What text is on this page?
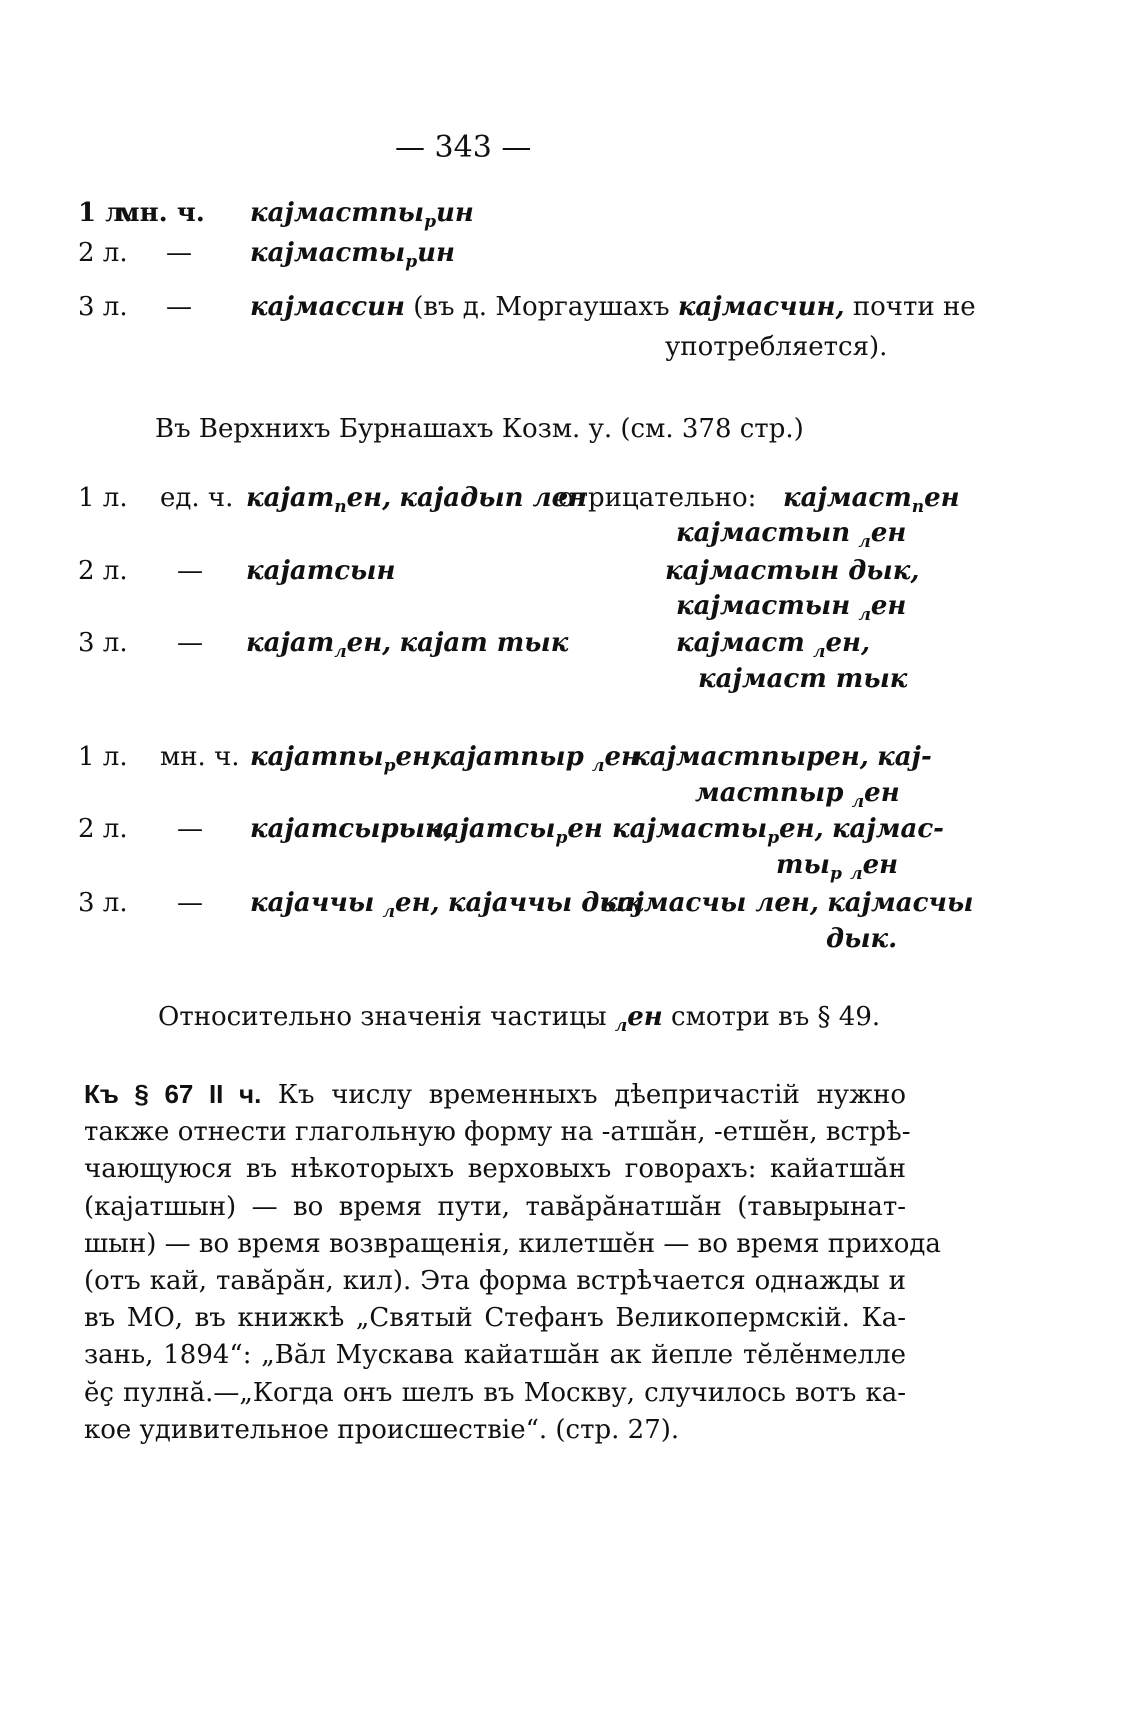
— 343 —
1 л.
мн. ч. кајмастпы$_р$ин
2 л. — кајмасты$_р$ин
3 л. — кајмассин (въ д. Моргаушахъ кајмасчин, почти не
употребляется).
Въ Верхнихъ Бурнашахъ Козм. у. (см. 378 стр.)
1 л. ед. ч. кајат$_п$ен, кајадып лен
отрицательно: кајмаст$_п$ен
кајмастып $_л$ен
2 л. — кајатсын	кајмастын дык,
кајмастын $_л$ен
3 л. — кајат$_л$ен, кајат тык	кајмаст $_л$ен,
кајмаст тык
1 л. мн. ч. кајатпы$_р$ен,
кајатпыр $_л$ен
кајмастпырен, кај-
мастпыр $_л$ен
2 л. — кајатсырын,
кајатсы$_р$ен кајмасты$_р$ен, кајмас-
$ты_р$ $_л$ен
3 л. — кајаччы $_л$ен, кајаччы дык
кајмасчы лен, кајмасчы
дык.
Относительно значенія частицы $_л$ен смотри въ § 49.
Къ § 67 II ч. Къ числу временныхъ дѣепричастій нужно
также отнести глагольную форму на -атшӑн, -етшӗн, встрѣ-
чающуюся въ нѣкоторыхъ верховыхъ говорахъ: кайатшӑн
(кајатшын) — во время пути, тавӑрӑнатшӑн (тавырынат-
шын) — во время возвращенія, килетшӗн — во время прихода
(отъ кай, тавӑрӑн, кил). Эта форма встрѣчается однажды и
въ МО, въ книжкѣ „Святый Стефанъ Великопермскій. Ка-
зань, 1894“: „Вӑл Мускава кайатшӑн ак йепле тӗлӗнмелле
ӗç пулнӑ.—„Когда онъ шелъ въ Москву, случилось вотъ ка-
кое удивительное происшествіе“. (стр. 27).
